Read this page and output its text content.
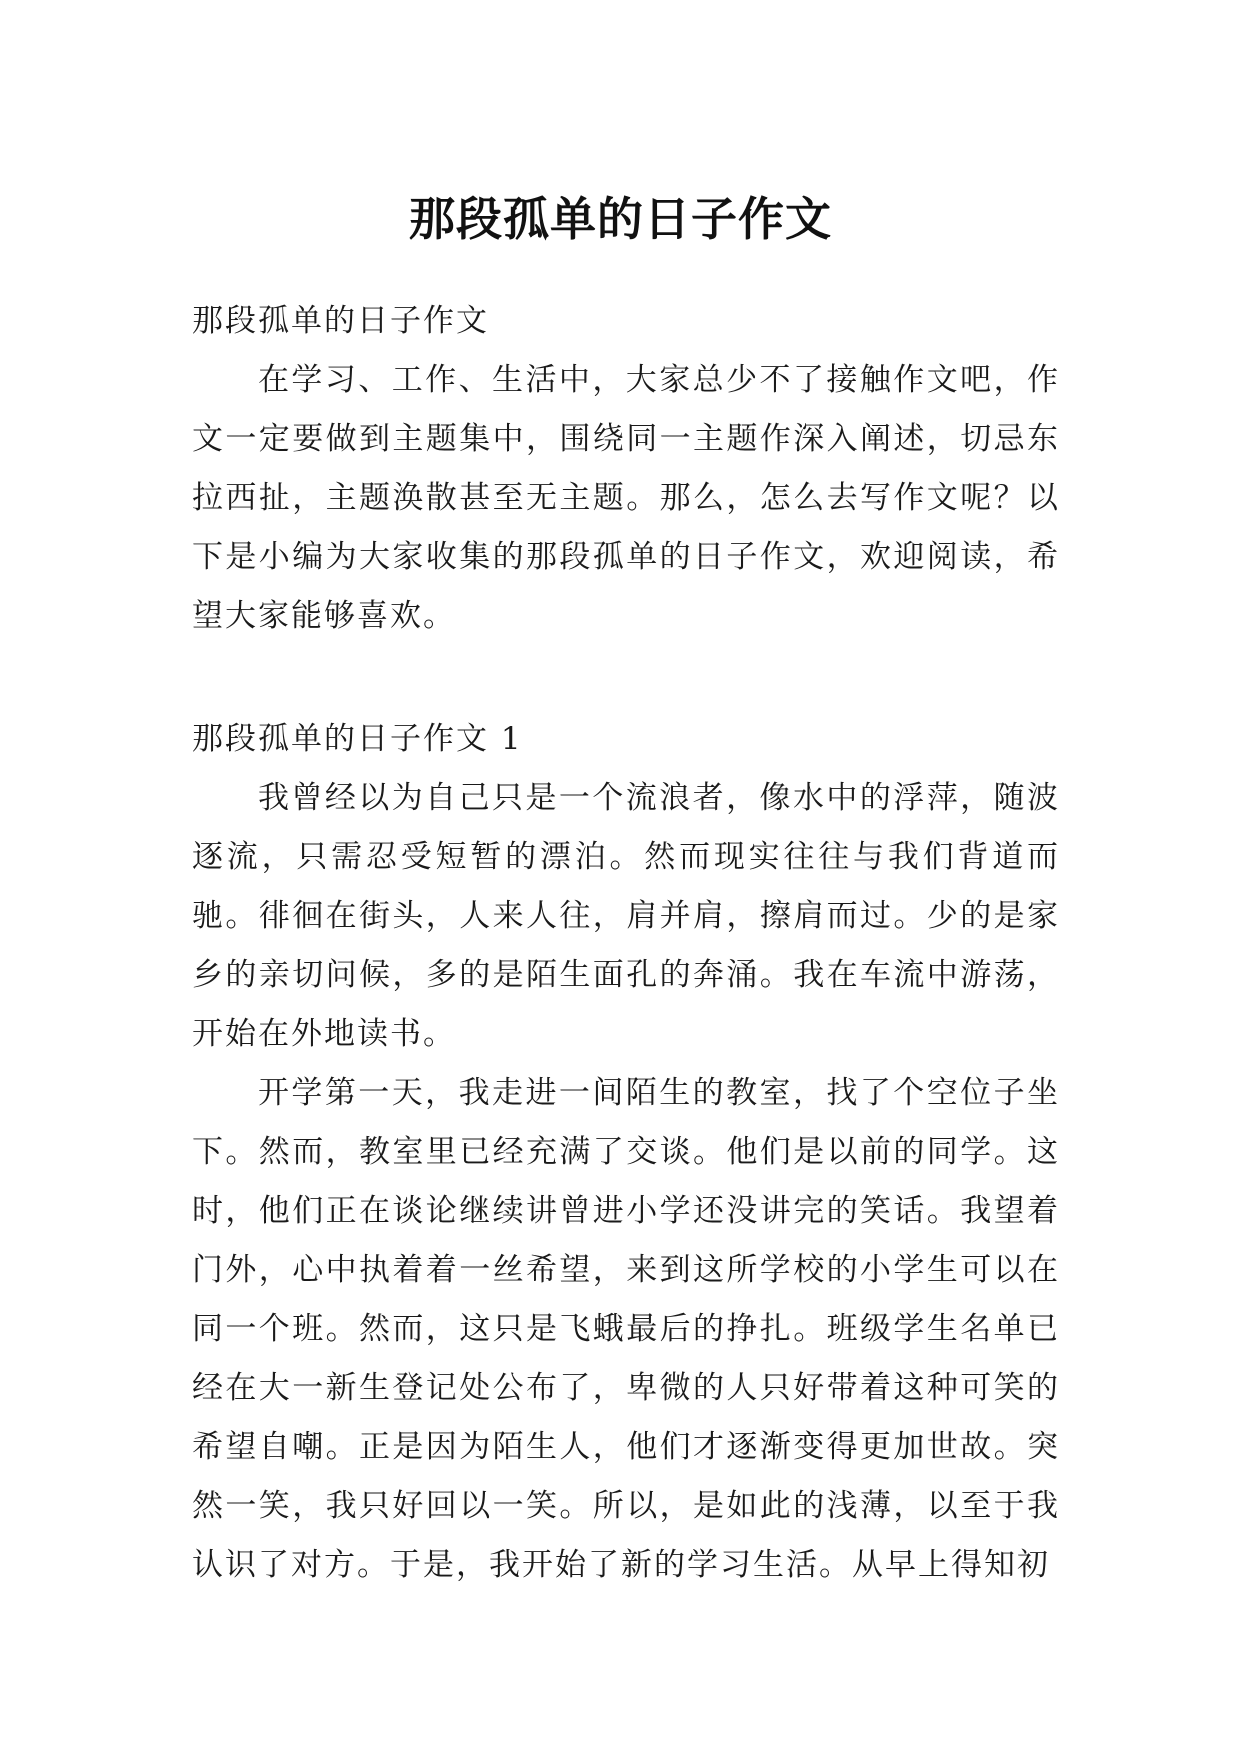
那段孤单的日子作文

那段孤单的日子作文

在学习、工作、生活中，大家总少不了接触作文吧，作文一定要做到主题集中，围绕同一主题作深入阐述，切忌东拉西扯，主题涣散甚至无主题。那么，怎么去写作文呢？以下是小编为大家收集的那段孤单的日子作文，欢迎阅读，希望大家能够喜欢。

那段孤单的日子作文 1

我曾经以为自己只是一个流浪者，像水中的浮萍，随波逐流，只需忍受短暂的漂泊。然而现实往往与我们背道而驰。徘徊在街头，人来人往，肩并肩，擦肩而过。少的是家乡的亲切问候，多的是陌生面孔的奔涌。我在车流中游荡，开始在外地读书。

开学第一天，我走进一间陌生的教室，找了个空位子坐下。然而，教室里已经充满了交谈。他们是以前的同学。这时，他们正在谈论继续讲曾进小学还没讲完的笑话。我望着门外，心中执着着一丝希望，来到这所学校的小学生可以在同一个班。然而，这只是飞蛾最后的挣扎。班级学生名单已经在大一新生登记处公布了，卑微的人只好带着这种可笑的希望自嘲。正是因为陌生人，他们才逐渐变得更加世故。突然一笑，我只好回以一笑。所以，是如此的浅薄，以至于我认识了对方。于是，我开始了新的学习生活。从早上得知初
